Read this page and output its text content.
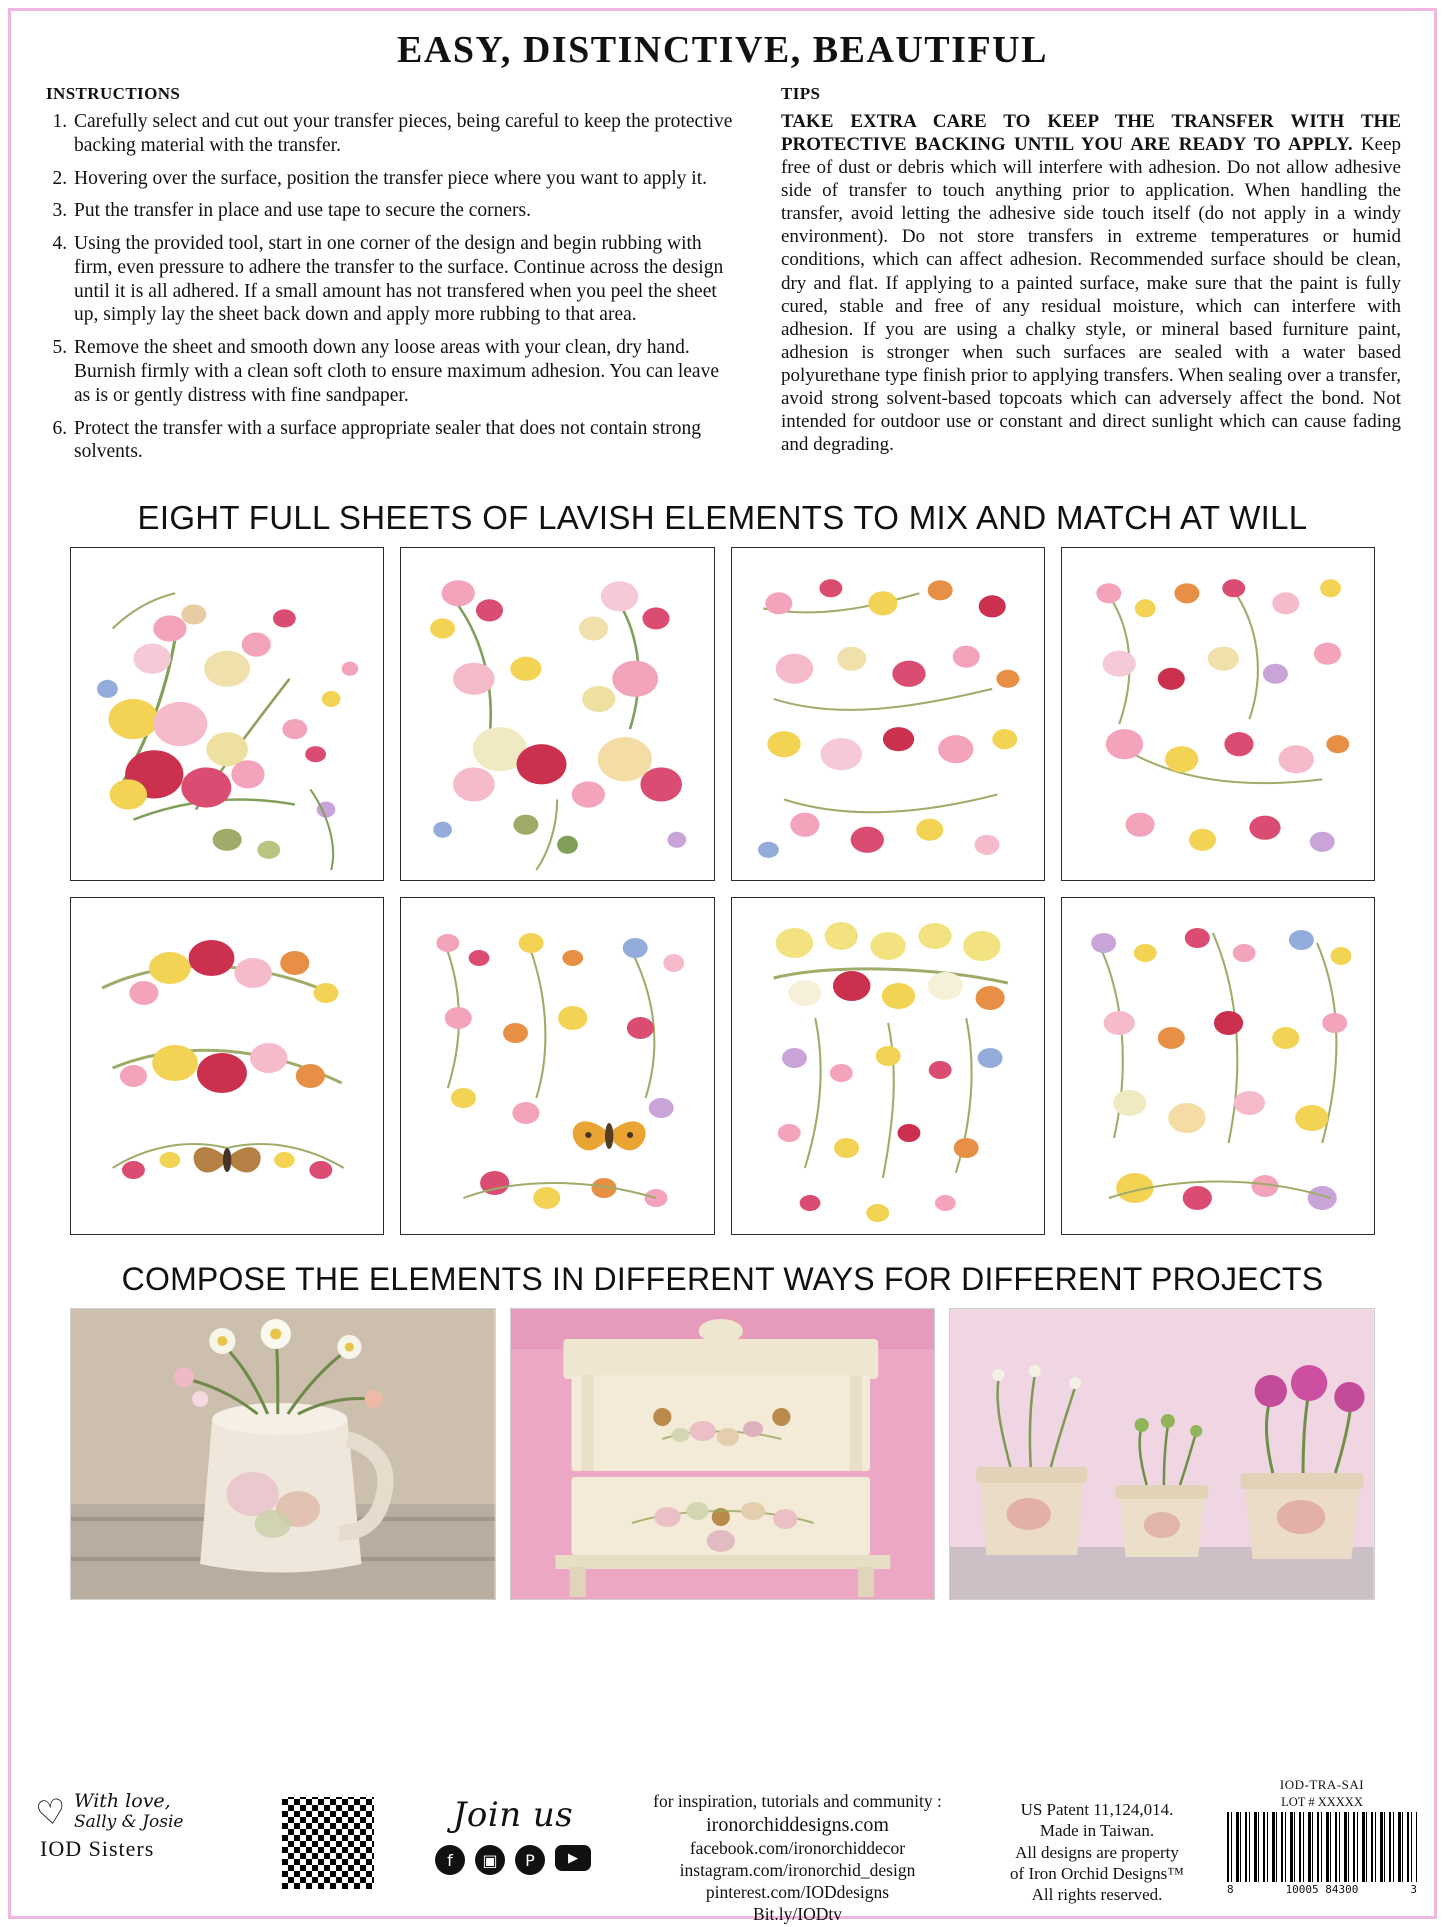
EASY, DISTINCTIVE, BEAUTIFUL
INSTRUCTIONS
1. Carefully select and cut out your transfer pieces, being careful to keep the protective backing material with the transfer.
2. Hovering over the surface, position the transfer piece where you want to apply it.
3. Put the transfer in place and use tape to secure the corners.
4. Using the provided tool, start in one corner of the design and begin rubbing with firm, even pressure to adhere the transfer to the surface. Continue across the design until it is all adhered. If a small amount has not transfered when you peel the sheet up, simply lay the sheet back down and apply more rubbing to that area.
5. Remove the sheet and smooth down any loose areas with your clean, dry hand. Burnish firmly with a clean soft cloth to ensure maximum adhesion. You can leave as is or gently distress with fine sandpaper.
6. Protect the transfer with a surface appropriate sealer that does not contain strong solvents.
TIPS
TAKE EXTRA CARE TO KEEP THE TRANSFER WITH THE PROTECTIVE BACKING UNTIL YOU ARE READY TO APPLY. Keep free of dust or debris which will interfere with adhesion. Do not allow adhesive side of transfer to touch anything prior to application. When handling the transfer, avoid letting the adhesive side touch itself (do not apply in a windy environment). Do not store transfers in extreme temperatures or humid conditions, which can affect adhesion. Recommended surface should be clean, dry and flat. If applying to a painted surface, make sure that the paint is fully cured, stable and free of any residual moisture, which can interfere with adhesion. If you are using a chalky style, or mineral based furniture paint, adhesion is stronger when such surfaces are sealed with a water based polyurethane type finish prior to applying transfers. When sealing over a transfer, avoid strong solvent-based topcoats which can adversely affect the bond. Not intended for outdoor use or constant and direct sunlight which can cause fading and degrading.
EIGHT FULL SHEETS OF LAVISH ELEMENTS TO MIX AND MATCH AT WILL
COMPOSE THE ELEMENTS IN DIFFERENT WAYS FOR DIFFERENT PROJECTS
♡ With love,
Sally & Josie
IOD Sisters
Join us
f	▣	P	▶
for inspiration, tutorials and community :
ironorchiddesigns.com
facebook.com/ironorchiddecor
instagram.com/ironorchid_design
pinterest.com/IODdesigns
Bit.ly/IODtv
US Patent 11,124,014.
Made in Taiwan.
All designs are property
of Iron Orchid Designs™
All rights reserved.
IOD-TRA-SAI
LOT # XXXXX
8	10005 84300	3
